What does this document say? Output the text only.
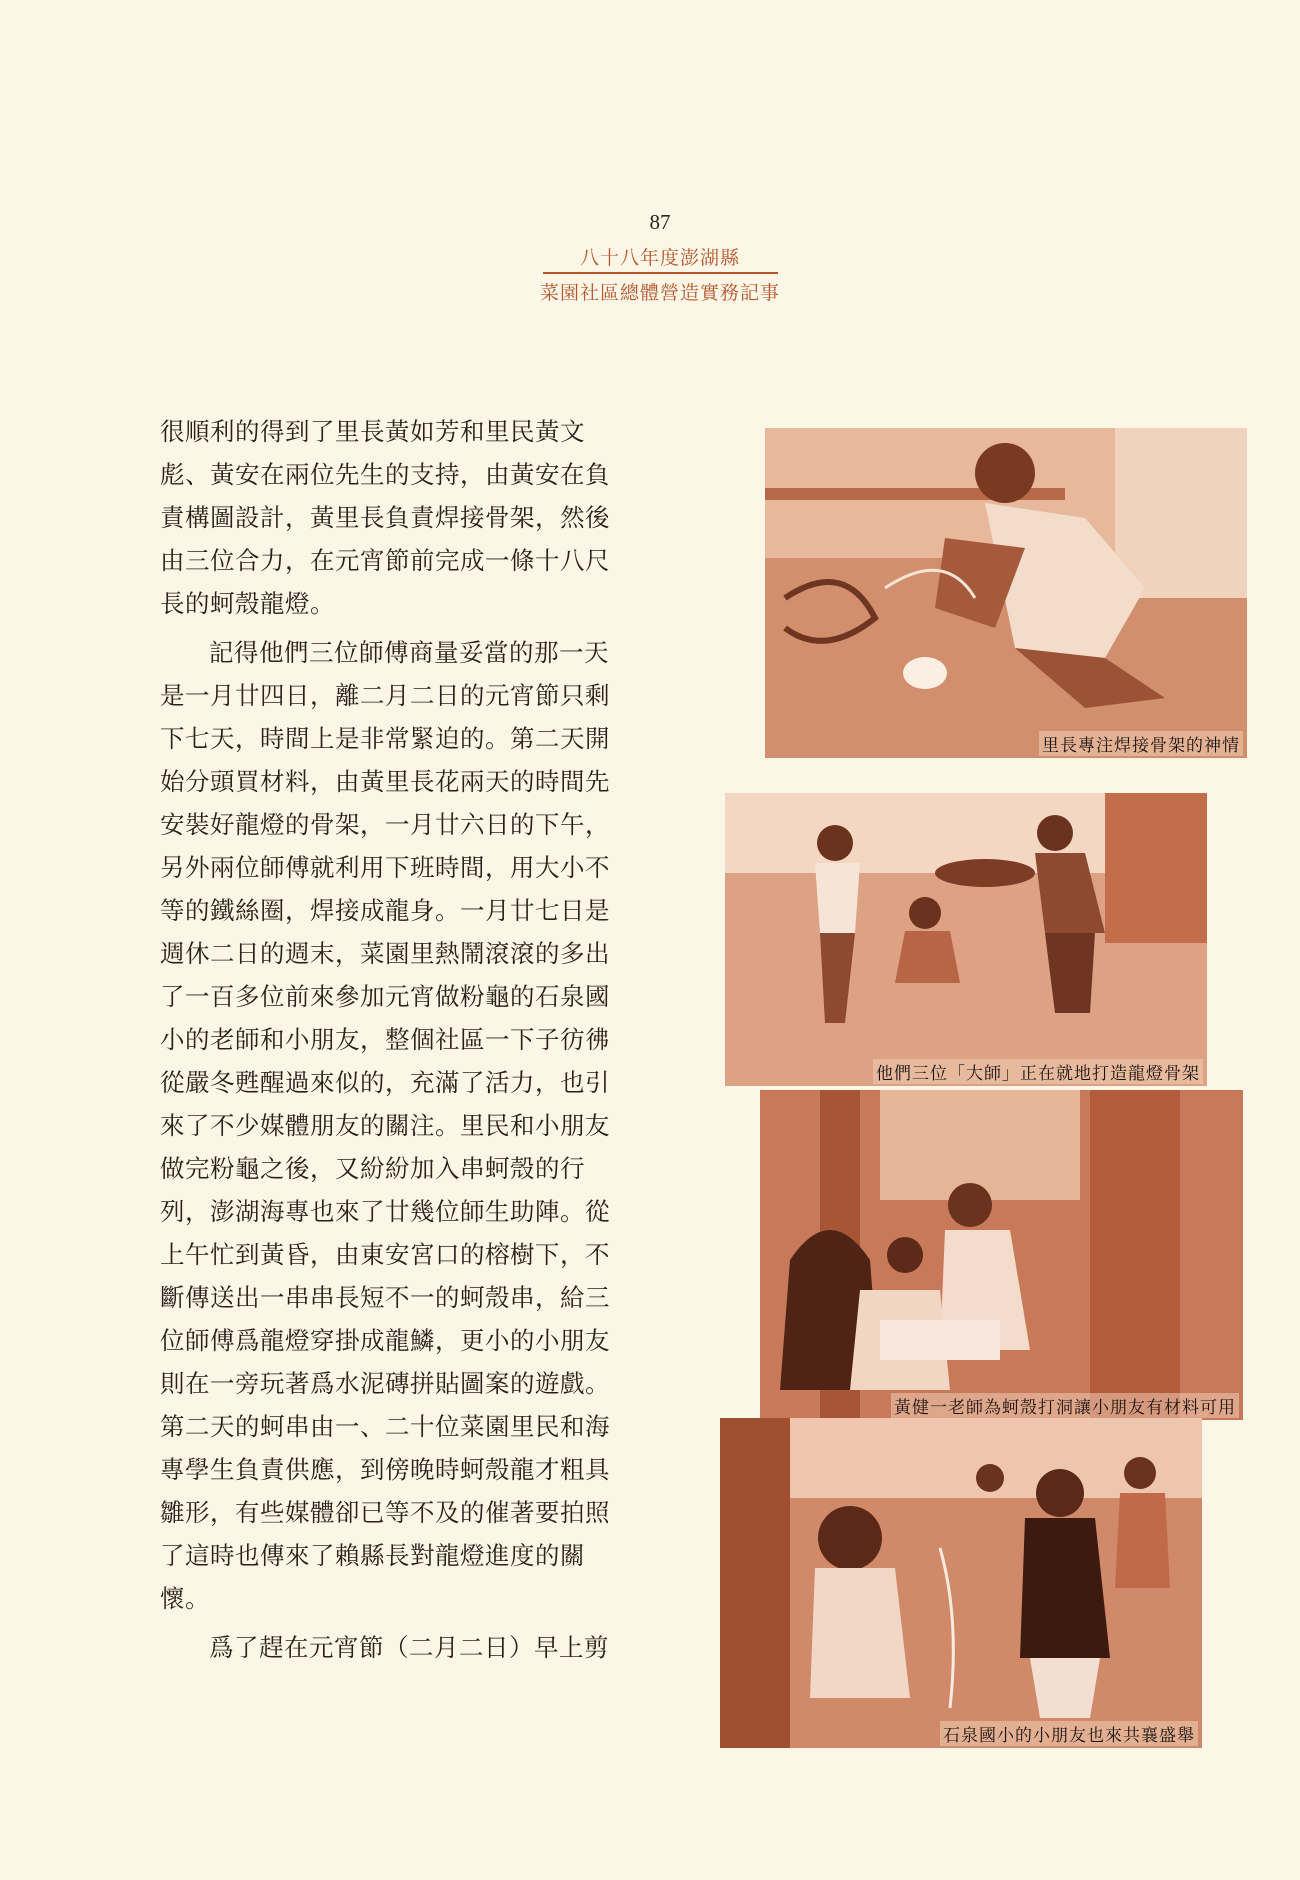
87
八十八年度澎湖縣
菜園社區總體營造實務記事

很順利的得到了里長黃如芳和里民黃文彪、黃安在兩位先生的支持，由黃安在負責構圖設計，黃里長負責焊接骨架，然後由三位合力，在元宵節前完成一條十八尺長的蚵殼龍燈。

記得他們三位師傅商量妥當的那一天是一月廿四日，離二月二日的元宵節只剩下七天，時間上是非常緊迫的。第二天開始分頭買材料，由黃里長花兩天的時間先安裝好龍燈的骨架，一月廿六日的下午，另外兩位師傅就利用下班時間，用大小不等的鐵絲圈，焊接成龍身。一月廿七日是週休二日的週末，菜園里熱鬧滾滾的多出了一百多位前來參加元宵做粉龜的石泉國小的老師和小朋友，整個社區一下子彷彿從嚴冬甦醒過來似的，充滿了活力，也引來了不少媒體朋友的關注。里民和小朋友做完粉龜之後，又紛紛加入串蚵殼的行列，澎湖海專也來了廿幾位師生助陣。從上午忙到黃昏，由東安宮口的榕樹下，不斷傳送出一串串長短不一的蚵殼串，給三位師傅爲龍燈穿掛成龍鱗，更小的小朋友則在一旁玩著爲水泥磚拼貼圖案的遊戲。第二天的蚵串由一、二十位菜園里民和海專學生負責供應，到傍晚時蚵殼龍才粗具雛形，有些媒體卻已等不及的催著要拍照了這時也傳來了賴縣長對龍燈進度的關懷。

爲了趕在元宵節（二月二日）早上剪

里長專注焊接骨架的神情
他們三位「大師」正在就地打造龍燈骨架
黃健一老師為蚵殼打洞讓小朋友有材料可用
石泉國小的小朋友也來共襄盛舉
